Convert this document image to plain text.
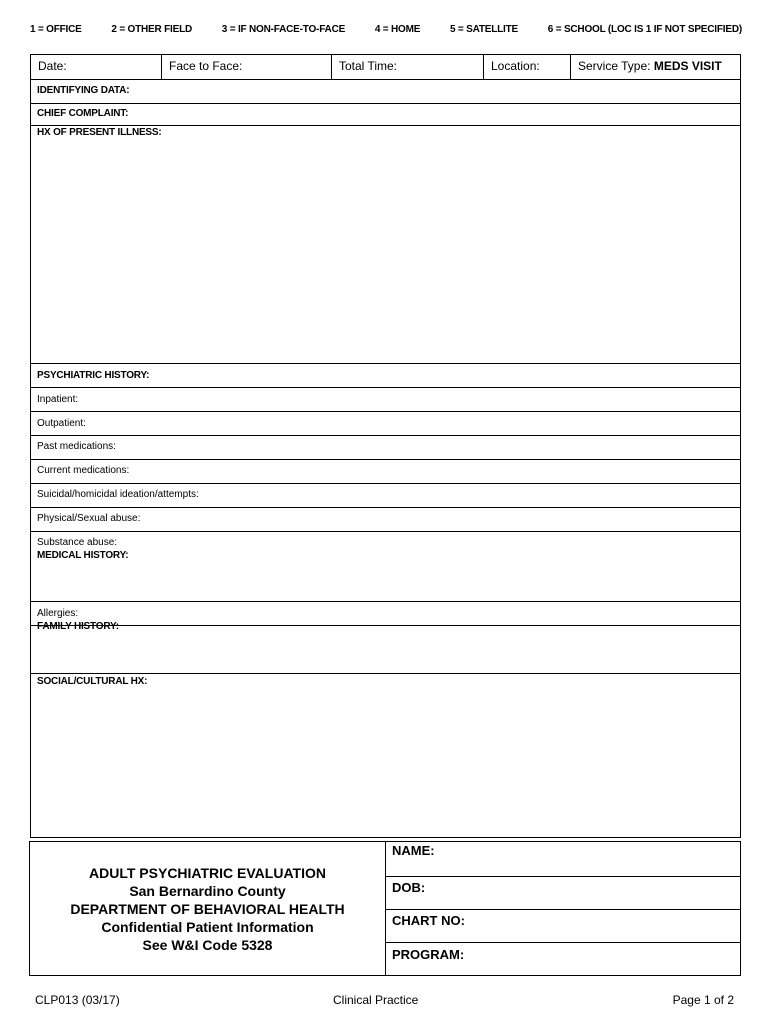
1 = OFFICE	2 = OTHER FIELD	3 = IF NON-FACE-TO-FACE	4 = HOME	5 = SATELLITE	6 = SCHOOL (LOC IS 1 IF NOT SPECIFIED)
Date:	Face to Face:	Total Time:	Location:	Service Type: MEDS VISIT
IDENTIFYING DATA:
CHIEF COMPLAINT:
HX OF PRESENT ILLNESS:
PSYCHIATRIC HISTORY:
Inpatient:
Outpatient:
Past medications:
Current medications:
Suicidal/homicidal ideation/attempts:
Physical/Sexual abuse:
Substance abuse:
MEDICAL HISTORY:
Allergies:
FAMILY HISTORY:
SOCIAL/CULTURAL HX:
ADULT PSYCHIATRIC EVALUATION
San Bernardino County
DEPARTMENT OF BEHAVIORAL HEALTH
Confidential Patient Information
See W&I Code 5328
NAME:
DOB:
CHART NO:
PROGRAM:
CLP013 (03/17)	Clinical Practice	Page 1 of 2
